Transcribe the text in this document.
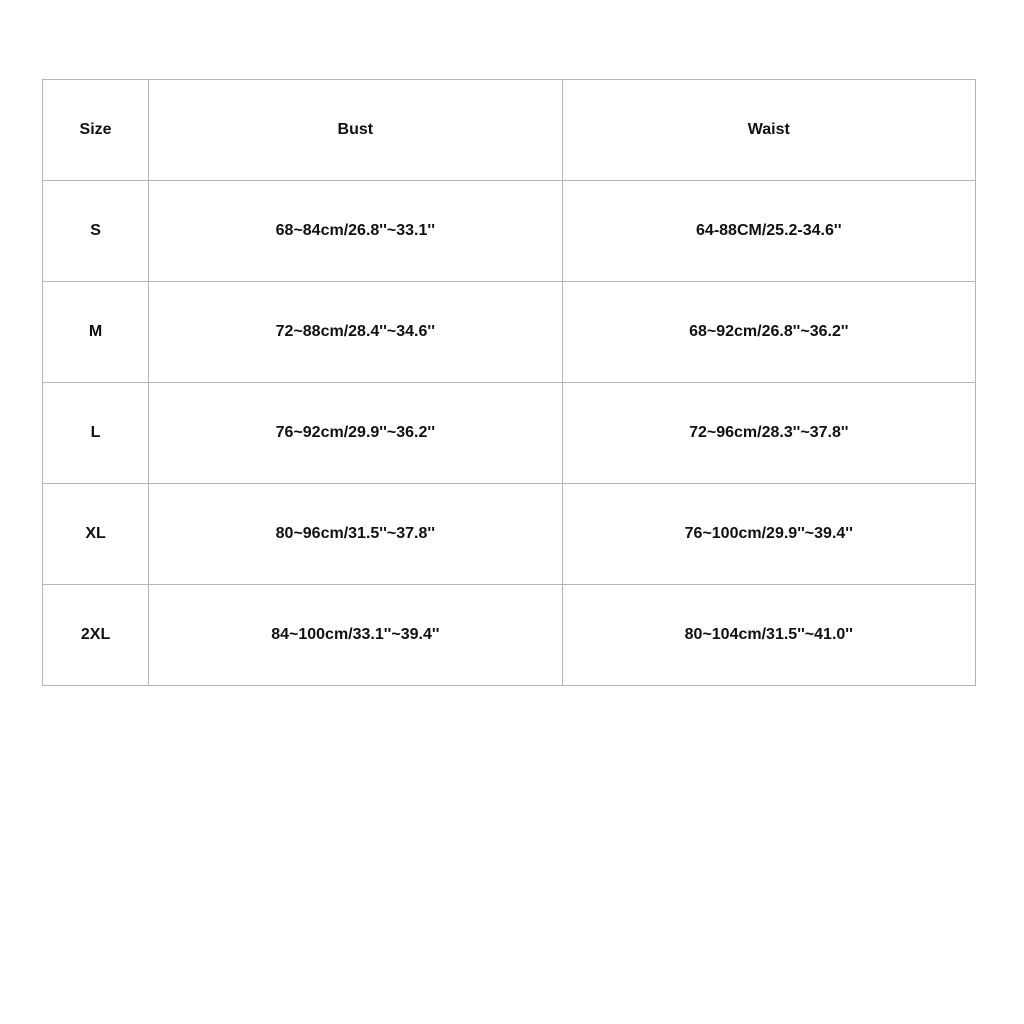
Size	Bust	Waist
S	68~84cm/26.8''~33.1''	64-88CM/25.2-34.6''
M	72~88cm/28.4''~34.6''	68~92cm/26.8''~36.2''
L	76~92cm/29.9''~36.2''	72~96cm/28.3''~37.8''
XL	80~96cm/31.5''~37.8''	76~100cm/29.9''~39.4''
2XL	84~100cm/33.1''~39.4''	80~104cm/31.5''~41.0''
